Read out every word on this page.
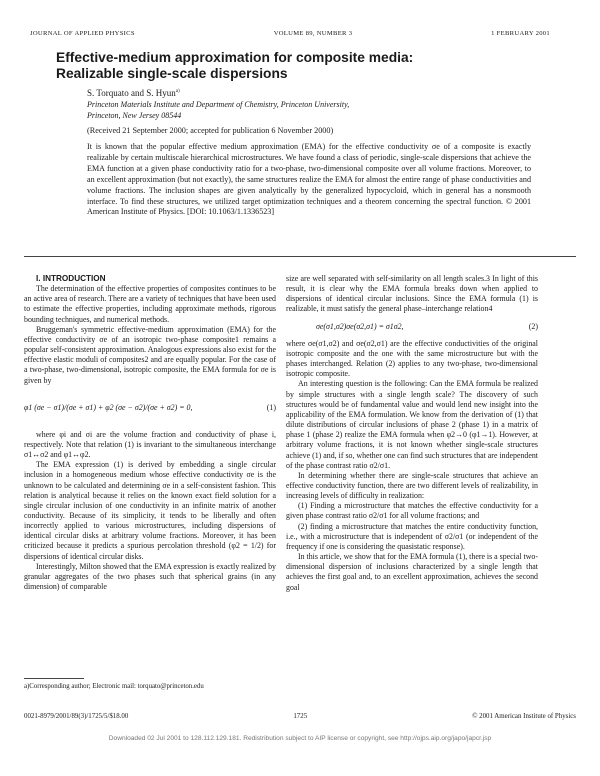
JOURNAL OF APPLIED PHYSICS	VOLUME 89, NUMBER 3	1 FEBRUARY 2001
Effective-medium approximation for composite media:
Realizable single-scale dispersions
S. Torquato and S. Hyun$^{a)}$
Princeton Materials Institute and Department of Chemistry, Princeton University,
Princeton, New Jersey 08544
(Received 21 September 2000; accepted for publication 6 November 2000)
It is known that the popular effective medium approximation (EMA) for the effective conductivity σe of a composite is exactly realizable by certain multiscale hierarchical microstructures. We have found a class of periodic, single-scale dispersions that achieve the EMA function at a given phase conductivity ratio for a two-phase, two-dimensional composite over all volume fractions. Moreover, to an excellent approximation (but not exactly), the same structures realize the EMA for almost the entire range of phase conductivities and volume fractions. The inclusion shapes are given analytically by the generalized hypocycloid, which in general has a nonsmooth interface. To find these structures, we utilized target optimization techniques and a theorem concerning the spectral function. © 2001 American Institute of Physics. [DOI: 10.1063/1.1336523]

I. INTRODUCTION

The determination of the effective properties of composites continues to be an active area of research. There are a variety of techniques that have been used to estimate the effective properties, including approximate methods, rigorous bounding techniques, and numerical methods.

Bruggeman's symmetric effective-medium approximation (EMA) for the effective conductivity σe of an isotropic two-phase composite1 remains a popular self-consistent approximation. Analogous expressions also exist for the effective elastic moduli of composites2 and are equally popular. For the case of a two-phase, two-dimensional, isotropic composite, the EMA formula for σe is given by

φ1 (σe − σ1)/(σe + σ1) + φ2 (σe − σ2)/(σe + σ2) = 0,	(1)

where φi and σi are the volume fraction and conductivity of phase i, respectively. Note that relation (1) is invariant to the simultaneous interchange σ1↔σ2 and φ1↔φ2.

The EMA expression (1) is derived by embedding a single circular inclusion in a homogeneous medium whose effective conductivity σe is the unknown to be calculated and determining σe in a self-consistent fashion. This relation is analytical because it relies on the known exact field solution for a single circular inclusion of one conductivity in an infinite matrix of another conductivity. Because of its simplicity, it tends to be liberally and often incorrectly applied to various microstructures, including dispersions of identical circular disks at arbitrary volume fractions. Moreover, it has been criticized because it predicts a spurious percolation threshold (φ2 = 1/2) for dispersions of identical circular disks.

Interestingly, Milton showed that the EMA expression is exactly realized by granular aggregates of the two phases such that spherical grains (in any dimension) of comparable

size are well separated with self-similarity on all length scales.3 In light of this result, it is clear why the EMA formula breaks down when applied to dispersions of identical circular inclusions. Since the EMA formula (1) is realizable, it must satisfy the general phase–interchange relation4

σe(σ1,σ2)σe(σ2,σ1) = σ1σ2,	(2)

where σe(σ1,σ2) and σe(σ2,σ1) are the effective conductivities of the original isotropic composite and the one with the same microstructure but with the phases interchanged. Relation (2) applies to any two-phase, two-dimensional isotropic composite.

An interesting question is the following: Can the EMA formula be realized by simple structures with a single length scale? The discovery of such structures would be of fundamental value and would lend new insight into the applicability of the EMA formulation. We know from the derivation of (1) that dilute distributions of circular inclusions of phase 2 (phase 1) in a matrix of phase 1 (phase 2) realize the EMA formula when φ2→0 (φ1→1). However, at arbitrary volume fractions, it is not known whether single-scale structures achieve (1) and, if so, whether one can find such structures that are independent of the phase contrast ratio σ2/σ1.

In determining whether there are single-scale structures that achieve an effective conductivity function, there are two different levels of realizability, in increasing levels of difficulty in realization:

(1) Finding a microstructure that matches the effective conductivity for a given phase contrast ratio σ2/σ1 for all volume fractions; and

(2) finding a microstructure that matches the entire conductivity function, i.e., with a microstructure that is independent of σ2/σ1 (or independent of the frequency if one is considering the quasistatic response).

In this article, we show that for the EMA formula (1), there is a special two-dimensional dispersion of inclusions characterized by a single length that achieves the first goal and, to an excellent approximation, achieves the second goal

a)Corresponding author; Electronic mail: torquato@princeton.edu
0021-8979/2001/89(3)/1725/5/$18.00	1725	© 2001 American Institute of Physics
Downloaded 02 Jul 2001 to 128.112.129.181. Redistribution subject to AIP license or copyright, see http://ojps.aip.org/japo/japcr.jsp
